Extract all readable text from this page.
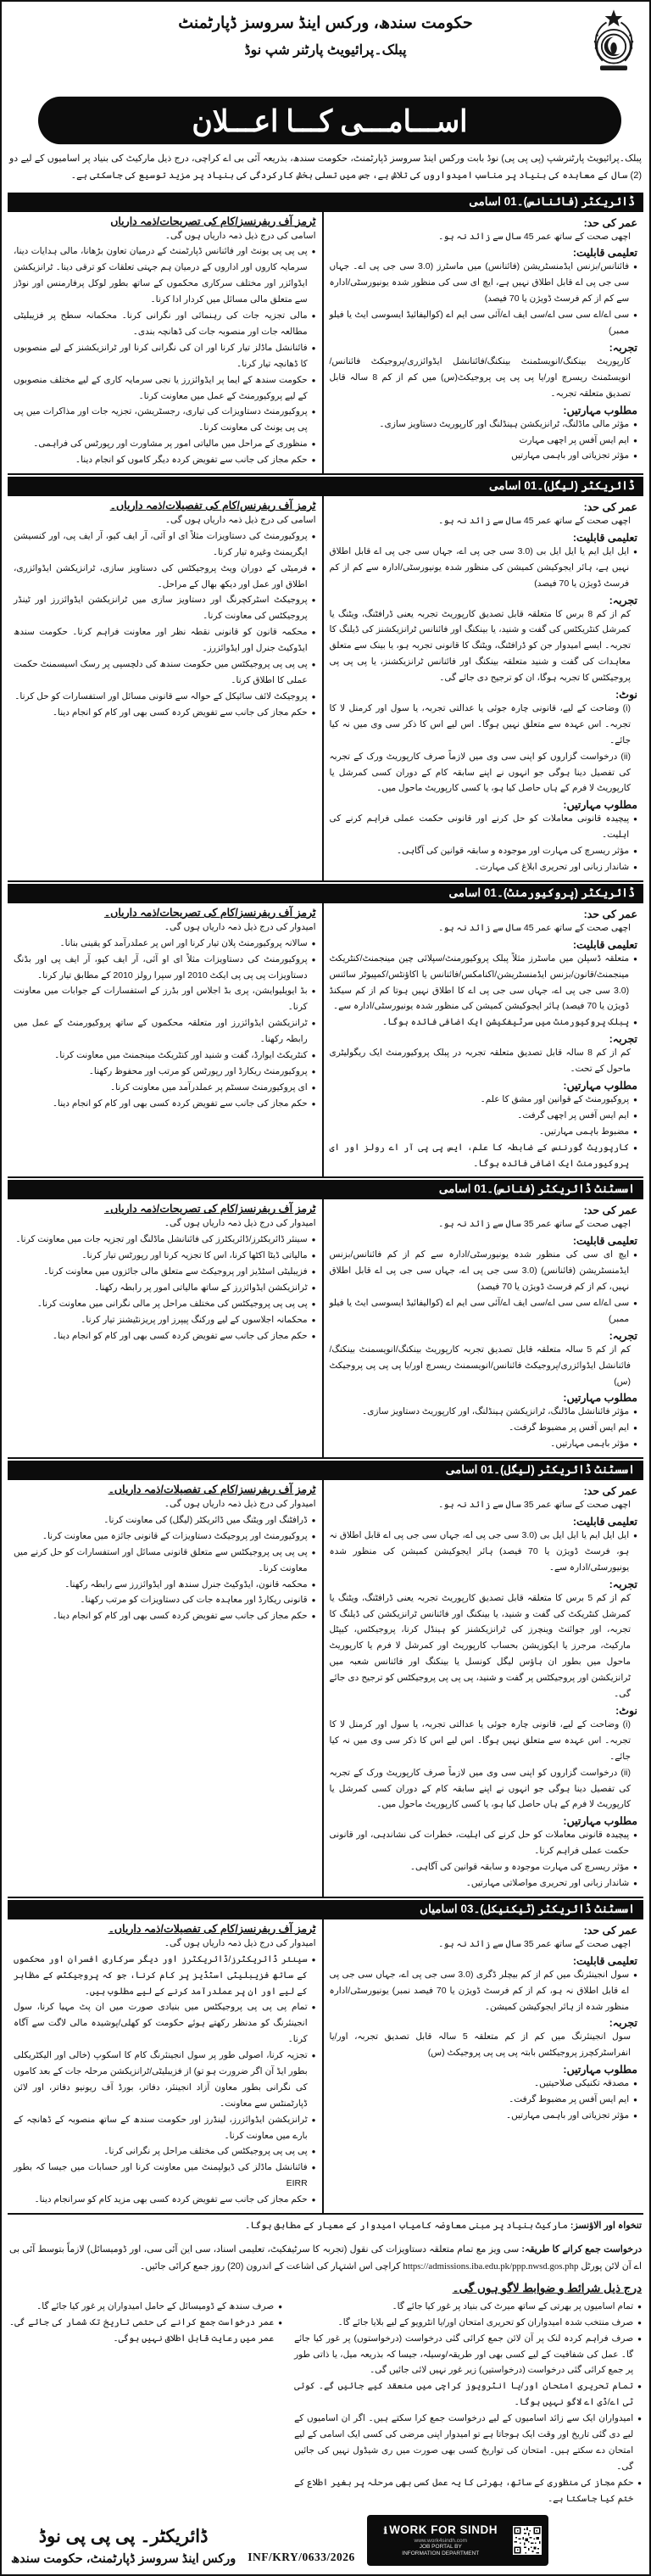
حکومت سندھ، ورکس اینڈ سروسز ڈپارٹمنٹ
پبلک۔پرائیویٹ پارٹنر شپ نوڈ
اســـامـــی کـــا اعـــلان
پبلک۔پرائیویٹ پارٹنرشپ (پی پی پی) نوڈ بابت ورکس اینڈ سروسز ڈپارٹمنٹ، حکومت سندھ، بذریعہ آئی بی اے کراچی، درج ذیل مارکیٹ کی بنیاد پر اسامیوں کے لیے دو (2) سال کے معاہدہ کی بنیاد پر مناسب امیدواروں کی تلاش ہے، جس میں تسلی بخش کارکردگی کی بنیاد پر مزید توسیع کی جاسکتی ہے۔
ڈائریکٹر (فائنانس)۔01 اسامی
عمر کی حد:
اچھی صحت کے ساتھ عمر 45 سال سے زائد نہ ہو۔
تعلیمی قابلیت:
●
فائنانس/بزنس ایڈمنسٹریشن (فائنانس) میں ماسٹرز (3.0 سی جی پی اے۔ جہاں سی جی پی اے قابل اطلاق نہیں ہے، ایچ ای سی کی منظور شدہ یونیورسٹی/ادارہ سے کم از کم فرسٹ ڈویژن یا 70 فیصد)
●
سی اے/اے سی سی اے/سی ایف اے/آئی سی ایم اے (کوالیفائیڈ ایسوسی ایٹ یا فیلو ممبر)
تجربہ:
کارپوریٹ بینکنگ/انویسٹمنٹ بینکنگ/فائنانشل ایڈوائزری/پروجیکٹ فائنانس/انویسٹمنٹ ریسرچ اور/یا پی پی پی پروجیکٹ(س) میں کم از کم 8 سالہ قابل تصدیق متعلقہ تجربہ۔
مطلوب مہارتیں:
●
مؤثر مالی ماڈلنگ، ٹرانزیکشن ہینڈلنگ اور کارپوریٹ دستاویز سازی۔
●
ایم ایس آفس پر اچھی مہارت
●
مؤثر تجزیاتی اور باہمی مہارتیں
ٹرمز آف ریفرنسز/کام کی تصریحات/ذمہ داریاں
اسامی کی درج ذیل ذمہ داریاں ہوں گی۔
●
پی پی پی یونٹ اور فائنانس ڈپارٹمنٹ کے درمیان تعاون بڑھانا، مالی ہدایات دینا، سرمایہ کاروں اور اداروں کے درمیان ہم جہتی تعلقات کو ترقی دینا۔ ٹرانزیکشن ایڈوائزر اور مختلف سرکاری محکموں کے ساتھ بطور لوکل پرفارمنس اور نوڈز سے متعلق مالی مسائل میں کردار ادا کرنا۔
●
مالی تجزیہ جات کی رہنمائی اور نگرانی کرنا۔ محکمانہ سطح پر فزیبلیٹی مطالعہ جات اور منصوبہ جات کی ڈھانچہ بندی۔
●
فائنانشل ماڈلز تیار کرنا اور ان کی نگرانی کرنا اور ٹرانزیکشنز کے لیے منصوبوں کا ڈھانچہ تیار کرنا۔
●
حکومت سندھ کے ایما پر ایڈوائزرز یا نجی سرمایہ کاری کے لیے مختلف منصوبوں کے لیے پروکیورمنٹ کے عمل میں معاونت کرنا۔
●
پروکیورمنٹ دستاویزات کی تیاری، رجسٹریشن، تجزیہ جات اور مذاکرات میں پی پی پی یونٹ کی معاونت کرنا۔
●
منظوری کے مراحل میں مالیاتی امور پر مشاورت اور رپورٹس کی فراہمی۔
●
حکم مجاز کی جانب سے تفویض کردہ دیگر کاموں کو انجام دینا۔
ڈائریکٹر (لیگل)۔01 اسامی
عمر کی حد:
اچھی صحت کے ساتھ عمر 45 سال سے زائد نہ ہو۔
تعلیمی قابلیت:
●
ایل ایل ایم یا ایل ایل بی (3.0 سی جی پی اے، جہاں سی جی پی اے قابل اطلاق نہیں ہے، ہائر ایجوکیشن کمیشن کی منظور شدہ یونیورسٹی/ادارہ سے کم از کم فرسٹ ڈویژن یا 70 فیصد)
تجربہ:
کم از کم 8 برس کا متعلقہ قابل تصدیق کارپوریٹ تجربہ یعنی ڈرافٹنگ، ویٹنگ یا کمرشل کنٹریکٹس کی گفت و شنید، یا بینکنگ اور فائنانس ٹرانزیکشنز کی ڈیلنگ کا تجربہ۔ ایسے امیدوار جن کو ڈرافٹنگ، ویٹنگ کا قانونی تجربہ ہو، یا بینک سے متعلق معاہدات کی گفت و شنید متعلقہ بینکنگ اور فائنانس ٹرانزیکشنز، یا پی پی پی پروجیکٹس کا تجربہ ہوگا، ان کو ترجیح دی جائے گی۔
نوٹ:
(i) وضاحت کے لیے، قانونی چارہ جوئی یا عدالتی تجربہ، یا سول اور کرمنل لا کا تجربہ۔ اس عہدہ سے متعلق نہیں ہوگا۔ اس لیے اس کا ذکر سی وی میں نہ کیا جائے۔
(ii) درخواست گزاروں کو اپنی سی وی میں لازماً صرف کارپوریٹ ورک کے تجربہ کی تفصیل دینا ہوگی جو انہوں نے اپنے سابقہ کام کے دوران کسی کمرشل یا کارپوریٹ لا فرم کے ہاں حاصل کیا ہو، یا کسی کارپوریٹ ماحول میں۔
مطلوب مہارتیں:
●
پیچیدہ قانونی معاملات کو حل کرنے اور قانونی حکمت عملی فراہم کرنے کی اہلیت۔
●
مؤثر ریسرچ کی مہارت اور موجودہ و سابقہ قوانین کی آگاہی۔
●
شاندار زبانی اور تحریری ابلاغ کی مہارت۔
ٹرمز آف ریفرنس/کام کی تفصیلات/ذمہ داریاں۔
اسامی کی درج ذیل ذمہ داریاں ہوں گی۔
●
پروکیورمنٹ کی دستاویزات مثلاً ای او آئی، آر ایف کیو، آر ایف پی، اور کنسیشن ایگریمنٹ وغیرہ تیار کرنا۔
●
فرمیٹی کے دوران ویٹ پروجیکٹس کی دستاویز سازی، ٹرانزیکشن ایڈوائزری، اطلاق اور عمل اور دیکھ بھال کے مراحل۔
●
پروجیکٹ اسٹرکچرنگ اور دستاویز سازی میں ٹرانزیکشن ایڈوائزرز اور ٹینڈر پروجیکٹس کی معاونت کرنا۔
●
محکمہ قانون کو قانونی نقطہ نظر اور معاونت فراہم کرنا۔ حکومت سندھ ایڈوکیٹ جنرل اور ایڈوائزرز۔
●
پی پی پی پروجیکٹس میں حکومت سندھ کی دلچسپی پر رسک اسیسمنٹ حکمت عملی کا اطلاق کرنا۔
●
پروجیکٹ لائف سائیکل کے حوالہ سے قانونی مسائل اور استفسارات کو حل کرنا۔
●
حکم مجاز کی جانب سے تفویض کردہ کسی بھی اور کام کو انجام دینا۔
ڈائریکٹر (پروکیورمنٹ)۔01 اسامی
عمر کی حد:
اچھی صحت کے ساتھ عمر 45 سال سے زائد نہ ہو۔
تعلیمی قابلیت:
●
متعلقہ ڈسپلن میں ماسٹرز مثلاً پبلک پروکیورمنٹ/سپلائی چین مینجمنٹ/کنٹریکٹ مینجمنٹ/قانون/بزنس ایڈمنسٹریشن/اکنامکس/فائنانس یا اکاؤنٹس/کمپیوٹر سائنس (3.0 سی جی پی اے، جہاں سی جی پی اے کا اطلاق نہیں ہوتا کم از کم سیکنڈ ڈویژن یا 70 فیصد) ہائر ایجوکیشن کمیشن کی منظور شدہ یونیورسٹی/ادارہ سے۔
●
پبلک پروکیورمنٹ میں سرٹیفکیشن ایک اضافی فائدہ ہوگا۔
تجربہ:
کم از کم 8 سالہ قابل تصدیق متعلقہ تجربہ در پبلک پروکیورمنٹ ایک ریگولیٹری ماحول کے تحت۔
مطلوب مہارتیں:
●
پروکیورمنٹ کے قوانین اور مشق کا علم۔
●
ایم ایس آفس پر اچھی گرفت۔
●
مضبوط باہمی مہارتیں۔
●
کارپوریٹ گورننس کے ضابطہ کا علم، ایس پی پی آر اے رولز اور ای پروکیورمنٹ ایک اضافی فائدہ ہوگا۔
ٹرمز آف ریفرنسز/کام کی تصریحات/ذمہ داریاں۔
امیدوار کی درج ذیل ذمہ داریاں ہوں گی۔
●
سالانہ پروکیورمنٹ پلان تیار کرنا اور اس پر عملدرآمد کو یقینی بنانا۔
●
پروکیورمنٹ کی دستاویزات مثلاً ای او آئی، آر ایف کیو، آر ایف پی اور بڈنگ دستاویزات پی پی پی ایکٹ 2010 اور سپرا رولز 2010 کے مطابق تیار کرنا۔
●
بڈ ایویلیوایشن، پری بڈ اجلاس اور بڈرز کے استفسارات کے جوابات میں معاونت کرنا۔
●
ٹرانزیکشن ایڈوائزرز اور متعلقہ محکموں کے ساتھ پروکیورمنٹ کے عمل میں رابطہ رکھنا۔
●
کنٹریکٹ ایوارڈ، گفت و شنید اور کنٹریکٹ مینجمنٹ میں معاونت کرنا۔
●
پروکیورمنٹ ریکارڈ اور رپورٹس کو مرتب اور محفوظ رکھنا۔
●
ای پروکیورمنٹ سسٹم پر عملدرآمد میں معاونت کرنا۔
●
حکم مجاز کی جانب سے تفویض کردہ کسی بھی اور کام کو انجام دینا۔
اسسٹنٹ ڈائریکٹر (فنانس)۔01 اسامی
عمر کی حد:
اچھی صحت کے ساتھ عمر 35 سال سے زائد نہ ہو۔
تعلیمی قابلیت:
●
ایچ ای سی کی منظور شدہ یونیورسٹی/ادارہ سے کم از کم فائنانس/بزنس ایڈمنسٹریشن (فائنانس) (3.0 سی جی پی اے، جہاں سی جی پی اے قابل اطلاق نہیں، کم از کم فرسٹ ڈویژن یا 70 فیصد)
●
سی اے/اے سی سی اے/سی ایف اے/آئی سی ایم اے (کوالیفائیڈ ایسوسی ایٹ یا فیلو ممبر)
تجربہ:
کم از کم 5 سالہ متعلقہ قابل تصدیق تجربہ کارپوریٹ بینکنگ/انویسمنٹ بینکنگ/فائنانشل ایڈوائزری/پروجیکٹ فائنانس/انویسمنٹ ریسرچ اور/یا پی پی پی پروجیکٹ (س)
مطلوب مہارتیں:
●
مؤثر فائنانشل ماڈلنگ، ٹرانزیکشن ہینڈلنگ، اور کارپوریٹ دستاویز سازی۔
●
ایم ایس آفس پر مضبوط گرفت۔
●
مؤثر باہمی مہارتیں۔
ٹرمز آف ریفرنسز/کام کی تصریحات/ذمہ داریاں۔
امیدوار کی درج ذیل ذمہ داریاں ہوں گی۔
●
سینئر ڈائریکٹرز/ڈائریکٹرز کی فائنانشل ماڈلنگ اور تجزیہ جات میں معاونت کرنا۔
●
مالیاتی ڈیٹا اکٹھا کرنا، اس کا تجزیہ کرنا اور رپورٹس تیار کرنا۔
●
فزیبلیٹی اسٹڈیز اور پروجیکٹ سے متعلق مالی جائزوں میں معاونت کرنا۔
●
ٹرانزیکشن ایڈوائزرز کے ساتھ مالیاتی امور پر رابطہ رکھنا۔
●
پی پی پی پروجیکٹس کی مختلف مراحل پر مالی نگرانی میں معاونت کرنا۔
●
محکمانہ اجلاسوں کے لیے ورکنگ پیپرز اور پریزنٹیشنز تیار کرنا۔
●
حکم مجاز کی جانب سے تفویض کردہ کسی بھی اور کام کو انجام دینا۔
اسسٹنٹ ڈائریکٹر (لیگل)۔01 اسامی
عمر کی حد:
اچھی صحت کے ساتھ عمر 35 سال سے زائد نہ ہو۔
تعلیمی قابلیت:
●
ایل ایل ایم یا ایل ایل بی (3.0 سی جی پی اے، جہاں سی جی پی اے قابل اطلاق نہ ہو، فرسٹ ڈویژن یا 70 فیصد) ہائر ایجوکیشن کمیشن کی منظور شدہ یونیورسٹی/ادارہ سے۔
تجربہ:
کم از کم 5 برس کا متعلقہ قابل تصدیق کارپوریٹ تجربہ یعنی ڈرافٹنگ، ویٹنگ یا کمرشل کنٹریکٹ کی گفت و شنید، یا بینکنگ اور فائنانس ٹرانزیکشن کی ڈیلنگ کا تجربہ، اور جوائنٹ وینچرز کی ٹرانزیکشنز کو ہینڈل کرنا، پروجیکٹس، کیپٹل مارکیٹ، مرجرز یا ایکوزیشن بحساب کارپوریٹ اور کمرشل لا فرم یا کارپوریٹ ماحول میں بطور ان ہاؤس لیگل کونسل یا بینکنگ اور فائنانس شعبہ میں ٹرانزیکشن اور پروجیکٹس پر گفت و شنید، پی پی پی پروجیکٹس کو ترجیح دی جائے گی۔
نوٹ:
(i) وضاحت کے لیے، قانونی چارہ جوئی یا عدالتی تجربہ، یا سول اور کرمنل لا کا تجربہ۔ اس عہدہ سے متعلق نہیں ہوگا۔ اس لیے اس کا ذکر سی وی میں نہ کیا جائے۔
(ii) درخواست گزاروں کو اپنی سی وی میں لازماً صرف کارپوریٹ ورک کے تجربہ کی تفصیل دینا ہوگی جو انہوں نے اپنے سابقہ کام کے دوران کسی کمرشل یا کارپوریٹ لا فرم کے ہاں حاصل کیا ہو، یا کسی کارپوریٹ ماحول میں۔
مطلوب مہارتیں:
●
پیچیدہ قانونی معاملات کو حل کرنے کی اہلیت، خطرات کی نشاندہی، اور قانونی حکمت عملی فراہم کرنا۔
●
مؤثر ریسرچ کی مہارت موجودہ و سابقہ قوانین کی آگاہی۔
●
شاندار زبانی اور تحریری مواصلاتی مہارتیں۔
ٹرمز آف ریفرنسز/کام کی تفصیلات/ذمہ داریاں۔
امیدوار کی درج ذیل ذمہ داریاں ہوں گی۔
●
ڈرافٹنگ اور ویٹنگ میں ڈائریکٹر (لیگل) کی معاونت کرنا۔
●
پروکیورمنٹ اور پروجیکٹ دستاویزات کے قانونی جائزہ میں معاونت کرنا۔
●
پی پی پی پروجیکٹس سے متعلق قانونی مسائل اور استفسارات کو حل کرنے میں معاونت کرنا۔
●
محکمہ قانون، ایڈوکیٹ جنرل سندھ اور ایڈوائزرز سے رابطہ رکھنا۔
●
قانونی ریکارڈ اور معاہدہ جات کی دستاویزات کو مرتب رکھنا۔
●
حکم مجاز کی جانب سے تفویض کردہ کسی بھی اور کام کو انجام دینا۔
اسسٹنٹ ڈائریکٹر (ٹیکنیکل)۔03 اسامیاں
عمر کی حد:
اچھی صحت کے ساتھ عمر 35 سال سے زائد نہ ہو۔
تعلیمی قابلیت:
●
سول انجینئرنگ میں کم از کم بیچلر ڈگری (3.0 سی جی پی اے، جہاں سی جی پی اے قابل اطلاق نہ ہو، کم از کم فرسٹ ڈویژن یا 70 فیصد نمبر) یونیورسٹی/ادارہ منظور شدہ از ہائر ایجوکیشن کمیشن۔
تجربہ:
سول انجینئرنگ میں کم از کم متعلقہ 5 سالہ قابل تصدیق تجربہ، اور/یا انفراسٹرکچرز پروجیکٹس بابتہ پی پی پی پروجیکٹ (س)
مطلوب مہارتیں:
●
مصدقہ تکنیکی صلاحیتیں۔
●
ایم ایس آفس پر مضبوط گرفت۔
●
مؤثر تجزیاتی اور باہمی مہارتیں۔
ٹرمز آف ریفرنسز/کام کی تفصیلات/ذمہ داریاں۔
امیدوار کی درج ذیل ذمہ داریاں ہوں گی۔
●
سینئر ڈائریکٹرز/ڈائریکٹرز اور دیگر سرکاری افسران اور محکموں کے ساتھ فزیبلیٹی اسٹڈیز پر کام کرنا، جو کہ پروجیکٹس کے مظاہر کے لیے اور ان پر عملدرآمد کرنے کے لیے مطلوب ہیں۔
●
تمام پی پی پی پروجیکٹس میں بنیادی صورت میں ان پٹ مہیا کرنا، سول انجینئرنگ کو مدنظر رکھتے ہوئے حکومت کو کھلی/پوشیدہ مالی لاگت سے آگاہ کرنا۔
●
تجزیہ کرنا، اصولی طور پر سول انجینئرنگ کام کا اسکوپ (خالی اور الیکٹریکلی بطور ایڈ آن اگر ضرورت ہو تو) از فزیبلیٹی/ٹرانزیکشن مرحلہ جات کے بعد کاموں کی نگرانی بطور معاون آزاد انجینئر، دفاتر، بورڈ آف ریونیو دفاتر، اور لائن ڈپارٹمنٹس سے معاونت۔
●
ٹرانزیکشن ایڈوائزرز، لینڈرز اور حکومت سندھ کے ساتھ منصوبہ کے ڈھانچہ کے بارے میں معاونت کرنا۔
●
پی پی پی پروجیکٹس کی مختلف مراحل پر نگرانی کرنا۔
●
فائنانشل ماڈلز کی ڈیولپمنٹ میں معاونت کرنا اور حسابات میں جیسا کہ بطور EIRR
●
حکم مجاز کی جانب سے تفویض کردہ کسی بھی مزید کام کو سرانجام دینا۔
تنخواہ اور الاؤنسز: مارکیٹ بنیاد پر مبنی معاوضہ کامیاب امیدوار کے معیار کے مطابق ہوگا۔
درخواست جمع کرانے کا طریقہ: سی ویز مع تمام متعلقہ دستاویزات کی نقول (تجربہ کا سرٹیفکیٹ، تعلیمی اسناد، سی این آئی سی، اور ڈومیسائل) لازماً بتوسط آئی بی اے آن لائن پورٹل https://admissions.iba.edu.pk/ppp.nwsd.gos.php کراچی اس اشتہار کی اشاعت کے اندرون (20) روز جمع کرائی جائیں۔
درج ذیل شرائط و ضوابط لاگو ہوں گی۔
●
تمام اسامیوں پر بھرتی کے ساتھ میرٹ کی بنیاد پر غور کیا جائے گا۔
●
صرف منتخب شدہ امیدواران کو تحریری امتحان اور/یا انٹرویو کے لیے بلایا جائے گا۔
●
صرف فراہم کردہ لنک پر آن لائن جمع کرائی گئی درخواست (درخواستوں) پر غور کیا جائے گا۔ عمل کی شفافیت کے لیے کسی بھی اور طریقہ/وسیلہ، جیسا کہ بذریعہ میل، یا ذاتی طور پر جمع کرائی گئی درخواست (درخواستیں) زیر غور نہیں لائی جائیں گی۔
●
تمام تحریری امتحان اور/یا انٹرویوز کراچی میں منعقد کیے جائیں گے۔ کوئی ٹی اے/ڈی اے لاگو نہیں ہوگا۔
●
امیدواران ایک سے زائد اسامیوں کے لیے درخواست جمع کرا سکتے ہیں۔ اگر ان اسامیوں کے لیے دی گئی تاریخ اور وقت ایک ہوجاتا ہے تو امیدوار اپنی مرضی کی کسی ایک اسامی کے لیے امتحان دے سکتے ہیں۔ امتحان کی تواریخ کسی بھی صورت میں ری شیڈول نہیں کی جائیں گی۔
●
حکم مجاز کی منظوری کے ساتھ، بھرتی کا یہ عمل کسی بھی مرحلہ پر بغیر اطلاع کے ختم کیا جاسکتا ہے۔
●
صرف سندھ کے ڈومیسائل کے حامل امیدواران پر غور کیا جائے گا۔
●
عمر درخواست جمع کرانے کی حتمی تاریخ تک شمار کی جائے گی۔ عمر میں رعایت قابل اطلاق نہیں ہوگی۔
ڈائریکٹر۔ پی پی پی نوڈ
ورکس اینڈ سروسز ڈپارٹمنٹ، حکومت سندھ INF/KRY/0633/2026
ℹ WORK FOR SINDH
www.work4sindh.com
JOB PORTAL BY
INFORMATION DEPARTMENT
